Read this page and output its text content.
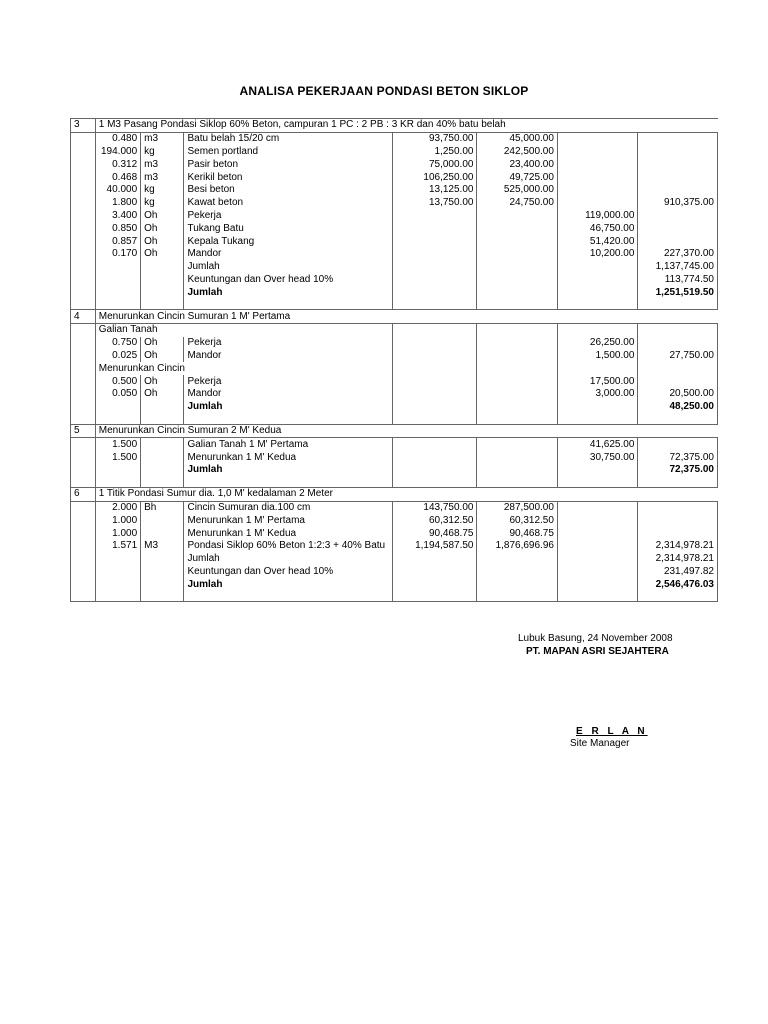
ANALISA PEKERJAAN PONDASI BETON SIKLOP
3	1 M3 Pasang Pondasi Siklop 60% Beton, campuran 1 PC : 2 PB : 3 KR dan 40% batu belah						
	0.480	m3	Batu belah 15/20 cm	93,750.00	45,000.00		
	194.000	kg	Semen portland	1,250.00	242,500.00		
	0.312	m3	Pasir beton	75,000.00	23,400.00		
	0.468	m3	Kerikil beton	106,250.00	49,725.00		
	40.000	kg	Besi beton	13,125.00	525,000.00		
	1.800	kg	Kawat beton	13,750.00	24,750.00		910,375.00
	3.400	Oh	Pekerja			119,000.00	
	0.850	Oh	Tukang Batu			46,750.00	
	0.857	Oh	Kepala Tukang			51,420.00	
	0.170	Oh	Mandor			10,200.00	227,370.00
			Jumlah				1,137,745.00
			Keuntungan dan Over head 10%				113,774.50
			Jumlah				1,251,519.50

4	Menurunkan Cincin Sumuran 1 M' Pertama						
	Galian Tanah						
	0.750	Oh	Pekerja			26,250.00	
	0.025	Oh	Mandor			1,500.00	27,750.00
	Menurunkan Cincin						
	0.500	Oh	Pekerja			17,500.00	
	0.050	Oh	Mandor			3,000.00	20,500.00
			Jumlah				48,250.00

5	Menurunkan Cincin Sumuran 2 M' Kedua						
	1.500		Galian Tanah 1 M' Pertama			41,625.00	
	1.500		Menurunkan 1 M' Kedua			30,750.00	72,375.00
			Jumlah				72,375.00

6	1 Titik Pondasi Sumur dia. 1,0 M' kedalaman 2 Meter						
	2.000	Bh	Cincin Sumuran dia.100 cm	143,750.00	287,500.00		
	1.000		Menurunkan 1 M' Pertama	60,312.50	60,312.50		
	1.000		Menurunkan 1 M' Kedua	90,468.75	90,468.75		
	1.571	M3	Pondasi Siklop 60% Beton 1:2:3 + 40% Batu	1,194,587.50	1,876,696.96		2,314,978.21
			Jumlah				2,314,978.21
			Keuntungan dan Over head 10%				231,497.82
			Jumlah				2,546,476.03

Lubuk Basung, 24 November 2008
PT. MAPAN ASRI SEJAHTERA
E R L A N
Site Manager
